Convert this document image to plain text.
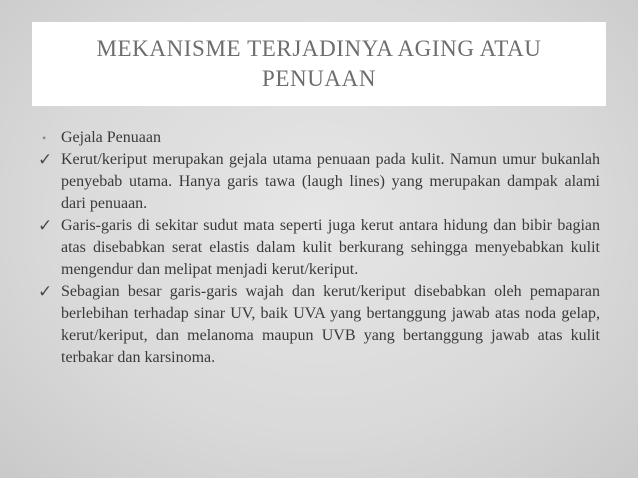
MEKANISME TERJADINYA AGING ATAU
PENUAAN
• Gejala Penuaan
✓ Kerut/keriput merupakan gejala utama penuaan pada kulit. Namun umur bukanlah penyebab utama. Hanya garis tawa (laugh lines) yang merupakan dampak alami dari penuaan.
✓ Garis-garis di sekitar sudut mata seperti juga kerut antara hidung dan bibir bagian atas disebabkan serat elastis dalam kulit berkurang sehingga menyebabkan kulit mengendur dan melipat menjadi kerut/keriput.
✓ Sebagian besar garis-garis wajah dan kerut/keriput disebabkan oleh pemaparan berlebihan terhadap sinar UV, baik UVA yang bertanggung jawab atas noda gelap, kerut/keriput, dan melanoma maupun UVB yang bertanggung jawab atas kulit terbakar dan karsinoma.
